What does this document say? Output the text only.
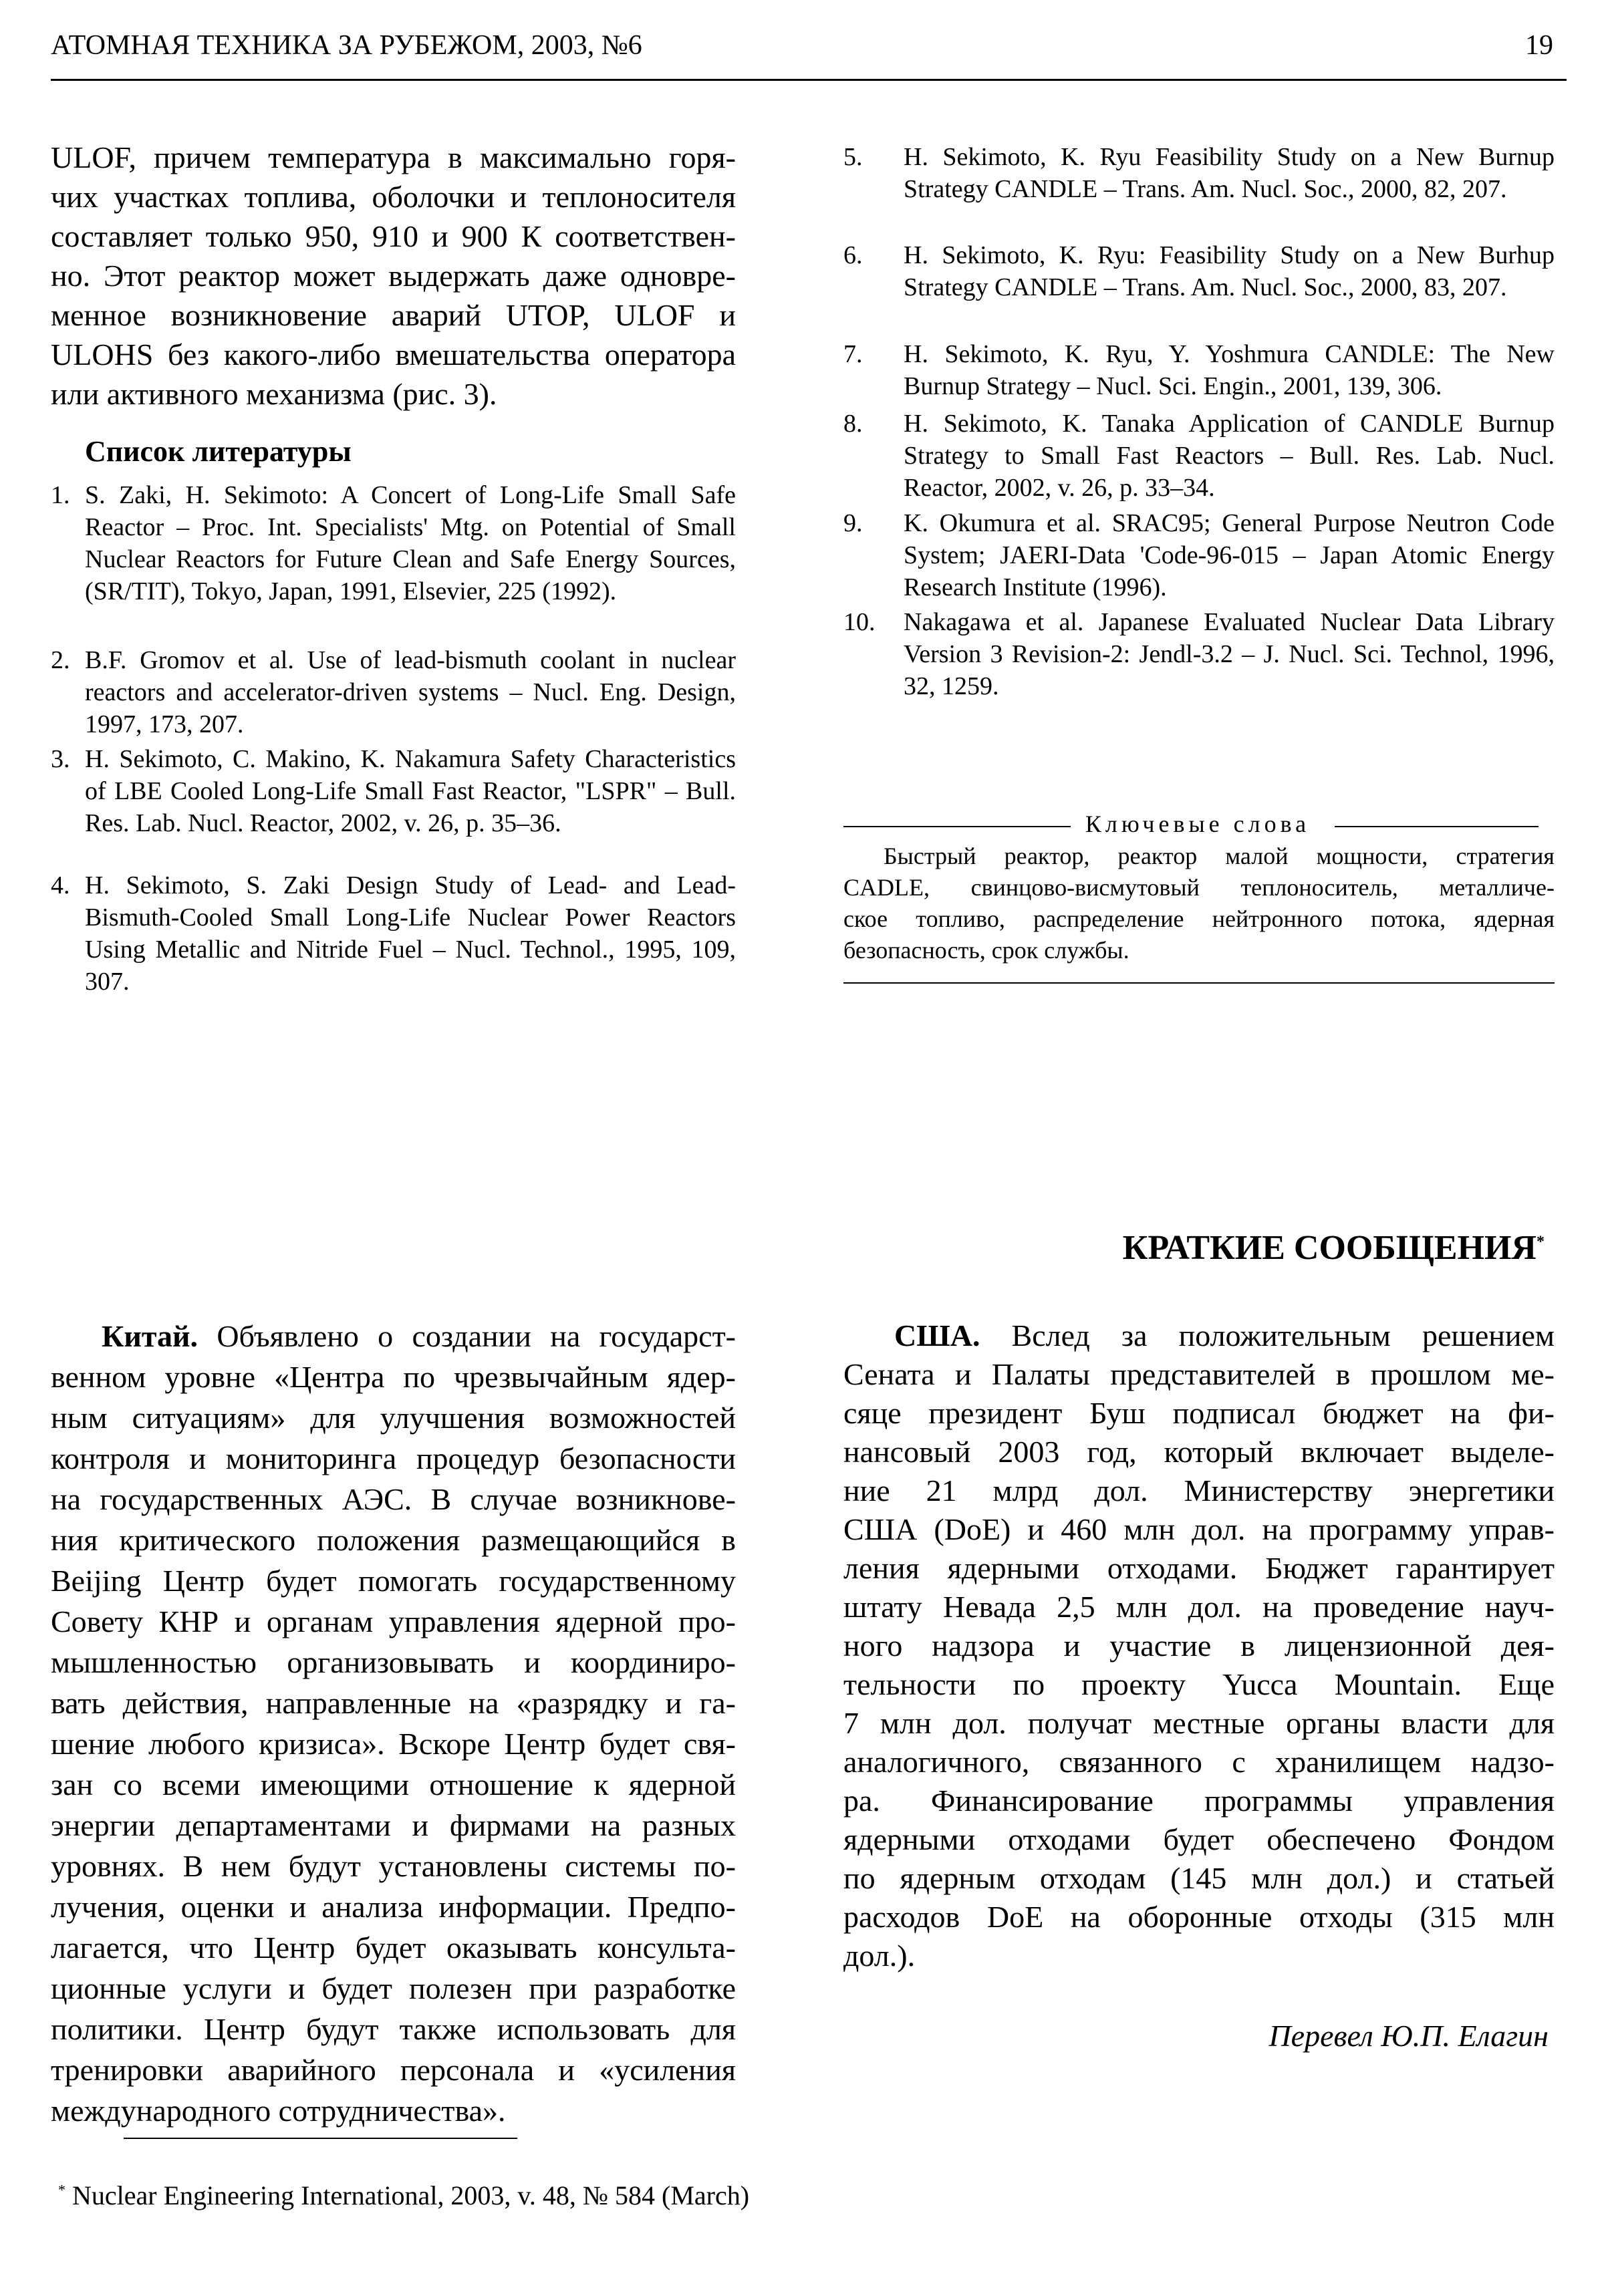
АТОМНАЯ ТЕХНИКА ЗА РУБЕЖОМ, 2003, №6	19
ULOF, причем температура в максимально горя-
чих участках топлива, оболочки и теплоносителя
составляет только 950, 910 и 900 К соответствен-
но. Этот реактор может выдержать даже одновре-
менное возникновение аварий UTOP, ULOF и
ULOHS без какого-либо вмешательства оператора
или активного механизма (рис. 3).
Список литературы
1. S. Zaki, H. Sekimoto: A Concert of Long-Life Small Safe Reactor – Proc. Int. Specialists' Mtg. on Potential of Small Nuclear Reactors for Future Clean and Safe Energy Sources, (SR/TIT), Tokyo, Japan, 1991, Elsevier, 225 (1992).
2. B.F. Gromov et al. Use of lead-bismuth coolant in nuclear reactors and accelerator-driven systems – Nucl. Eng. Design, 1997, 173, 207.
3. H. Sekimoto, C. Makino, K. Nakamura Safety Characteristics of LBE Cooled Long-Life Small Fast Reactor, "LSPR" – Bull. Res. Lab. Nucl. Reactor, 2002, v. 26, p. 35–36.
4. H. Sekimoto, S. Zaki Design Study of Lead- and Lead-Bismuth-Cooled Small Long-Life Nuclear Power Reactors Using Metallic and Nitride Fuel – Nucl. Technol., 1995, 109, 307.
5. H. Sekimoto, K. Ryu Feasibility Study on a New Burnup Strategy CANDLE – Trans. Am. Nucl. Soc., 2000, 82, 207.
6. H. Sekimoto, K. Ryu: Feasibility Study on a New Burhup Strategy CANDLE – Trans. Am. Nucl. Soc., 2000, 83, 207.
7. H. Sekimoto, K. Ryu, Y. Yoshmura CANDLE: The New Burnup Strategy – Nucl. Sci. Engin., 2001, 139, 306.
8. H. Sekimoto, K. Tanaka Application of CANDLE Burnup Strategy to Small Fast Reactors – Bull. Res. Lab. Nucl. Reactor, 2002, v. 26, p. 33–34.
9. K. Okumura et al. SRAC95; General Purpose Neutron Code System; JAERI-Data 'Code-96-015 – Japan Atomic Energy Research Institute (1996).
10. Nakagawa et al. Japanese Evaluated Nuclear Data Library Version 3 Revision-2: Jendl-3.2 – J. Nucl. Sci. Technol, 1996, 32, 1259.
Ключевые слова
Быстрый реактор, реактор малой мощности, стратегия
CADLE, свинцово-висмутовый теплоноситель, металличе-
ское топливо, распределение нейтронного потока, ядерная
безопасность, срок службы.
КРАТКИЕ СООБЩЕНИЯ*
Китай. Объявлено о создании на государст-
венном уровне «Центра по чрезвычайным ядер-
ным ситуациям» для улучшения возможностей
контроля и мониторинга процедур безопасности
на государственных АЭС. В случае возникнове-
ния критического положения размещающийся в
Beijing Центр будет помогать государственному
Совету КНР и органам управления ядерной про-
мышленностью организовывать и координиро-
вать действия, направленные на «разрядку и га-
шение любого кризиса». Вскоре Центр будет свя-
зан со всеми имеющими отношение к ядерной
энергии департаментами и фирмами на разных
уровнях. В нем будут установлены системы по-
лучения, оценки и анализа информации. Предпо-
лагается, что Центр будет оказывать консульта-
ционные услуги и будет полезен при разработке
политики. Центр будут также использовать для
тренировки аварийного персонала и «усиления
международного сотрудничества».
США. Вслед за положительным решением
Сената и Палаты представителей в прошлом ме-
сяце президент Буш подписал бюджет на фи-
нансовый 2003 год, который включает выделе-
ние 21 млрд дол. Министерству энергетики
США (DoE) и 460 млн дол. на программу управ-
ления ядерными отходами. Бюджет гарантирует
штату Невада 2,5 млн дол. на проведение науч-
ного надзора и участие в лицензионной дея-
тельности по проекту Yucca Mountain. Еще
7 млн дол. получат местные органы власти для
аналогичного, связанного с хранилищем надзо-
ра. Финансирование программы управления
ядерными отходами будет обеспечено Фондом
по ядерным отходам (145 млн дол.) и статьей
расходов DoE на оборонные отходы (315 млн
дол.).
Перевел Ю.П. Елагин
* Nuclear Engineering International, 2003, v. 48, № 584 (March)
